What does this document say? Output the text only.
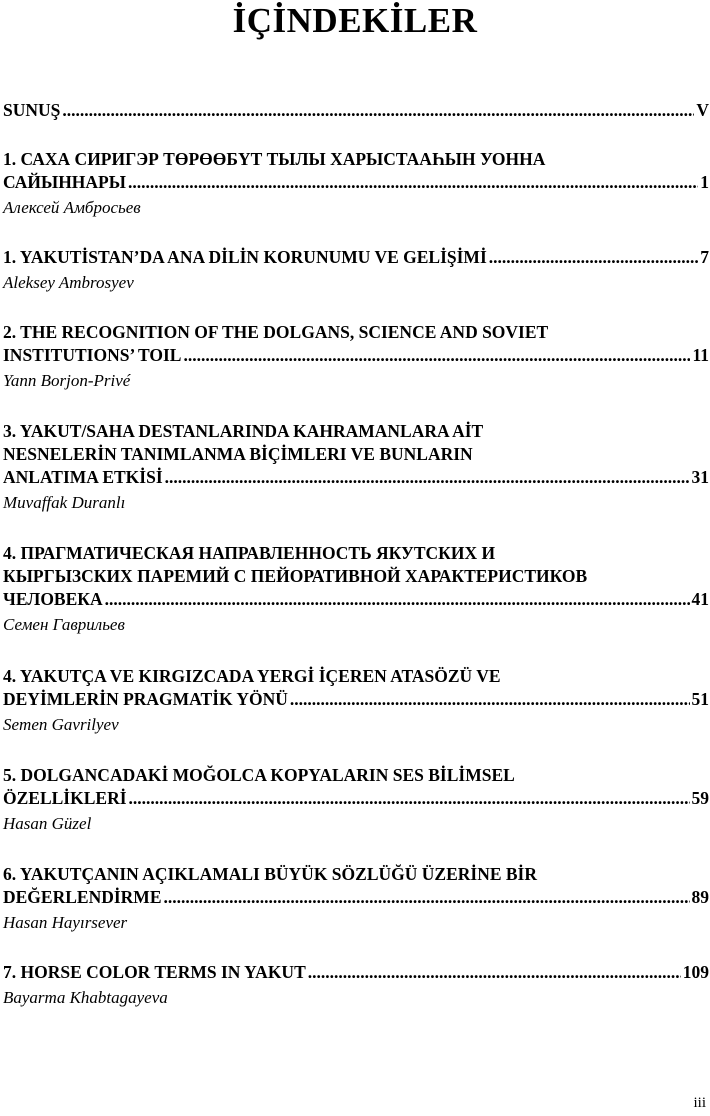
İÇİNDEKİLER
SUNUŞ .....	V
1. САХА СИРИГЭР ТӨРӨӨБҮТ ТЫЛЫ ХАРЫСТААҺЫН УОННА
САЙЫННАРЫ .....	1
Алексей Амбросьев
1. YAKUTİSTAN’DA ANA DİLİN KORUNUMU VE GELİŞİMİ .....	7
Aleksey Ambrosyev
2. THE RECOGNITION OF THE DOLGANS, SCIENCE AND SOVIET
INSTITUTIONS’ TOIL .....	11
Yann Borjon-Privé
3. YAKUT/SAHA DESTANLARINDA KAHRAMANLARA AİT
NESNELERİN TANIMLANMA BİÇİMLERI VE BUNLARIN
ANLATIMA ETKİSİ .....	31
Muvaffak Duranlı
4. ПРАГМАТИЧЕСКАЯ НАПРАВЛЕННОСТЬ ЯКУТСКИХ И
КЫРГЫЗСКИХ ПАРЕМИЙ С ПЕЙОРАТИВНОЙ ХАРАКТЕРИСТИКОВ
ЧЕЛОВЕКА .....	41
Семен Гаврильев
4. YAKUTÇA VE KIRGIZCADA YERGİ İÇEREN ATASÖZÜ VE
DEYİMLERİN PRAGMATİK YÖNÜ .....	51
Semen Gavrilyev
5. DOLGANCADAKİ MOĞOLCA KOPYALARIN SES BİLİMSEL
ÖZELLİKLERİ .....	59
Hasan Güzel
6. YAKUTÇANIN AÇIKLAMALI BÜYÜK SÖZLÜĞÜ ÜZERİNE BİR
DEĞERLENDİRME .....	89
Hasan Hayırsever
7. HORSE COLOR TERMS IN YAKUT .....	109
Bayarma Khabtagayeva
iii
